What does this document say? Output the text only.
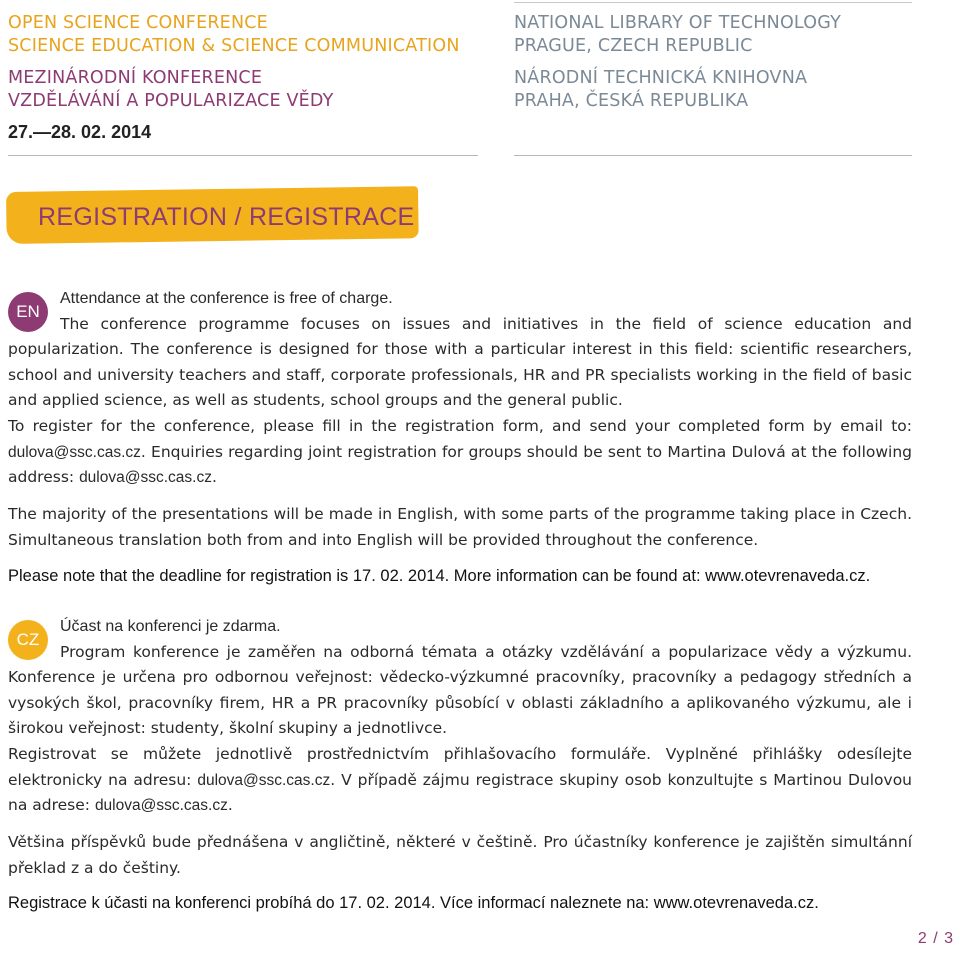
OPEN SCIENCE CONFERENCE
SCIENCE EDUCATION & SCIENCE COMMUNICATION
MEZINÁRODNÍ KONFERENCE
VZDĚLÁVÁNÍ A POPULARIZACE VĚDY
NATIONAL LIBRARY OF TECHNOLOGY
PRAGUE, CZECH REPUBLIC
NÁRODNÍ TECHNICKÁ KNIHOVNA
PRAHA, ČESKÁ REPUBLIKA
27.—28. 02. 2014
REGISTRATION / REGISTRACE
EN
Attendance at the conference is free of charge.
The conference programme focuses on issues and initiatives in the field of science education and popularization. The conference is designed for those with a particular interest in this field: scientific researchers, school and university teachers and staff, corporate professionals, HR and PR specialists working in the field of basic and applied science, as well as students, school groups and the general public.
To register for the conference, please fill in the registration form, and send your completed form by email to: dulova@ssc.cas.cz. Enquiries regarding joint registration for groups should be sent to Martina Dulová at the following address: dulova@ssc.cas.cz.
The majority of the presentations will be made in English, with some parts of the programme taking place in Czech. Simultaneous translation both from and into English will be provided throughout the conference.
Please note that the deadline for registration is 17. 02. 2014. More information can be found at: www.otevrenaveda.cz.
CZ
Účast na konferenci je zdarma.
Program konference je zaměřen na odborná témata a otázky vzdělávání a popularizace vědy a výzkumu. Konference je určena pro odbornou veřejnost: vědecko-výzkumné pracovníky, pracovníky a pedagogy středních a vysokých škol, pracovníky firem, HR a PR pracovníky působící v oblasti základního a aplikovaného výzkumu, ale i širokou veřejnost: studenty, školní skupiny a jednotlivce.
Registrovat se můžete jednotlivě prostřednictvím přihlašovacího formuláře. Vyplněné přihlášky odesílejte elektronicky na adresu: dulova@ssc.cas.cz. V případě zájmu registrace skupiny osob konzultujte s Martinou Dulovou na adrese: dulova@ssc.cas.cz.
Většina příspěvků bude přednášena v angličtině, některé v češtině. Pro účastníky konference je zajištěn simultánní překlad z a do češtiny.
Registrace k účasti na konferenci probíhá do 17. 02. 2014. Více informací naleznete na: www.otevrenaveda.cz.
2 / 3
